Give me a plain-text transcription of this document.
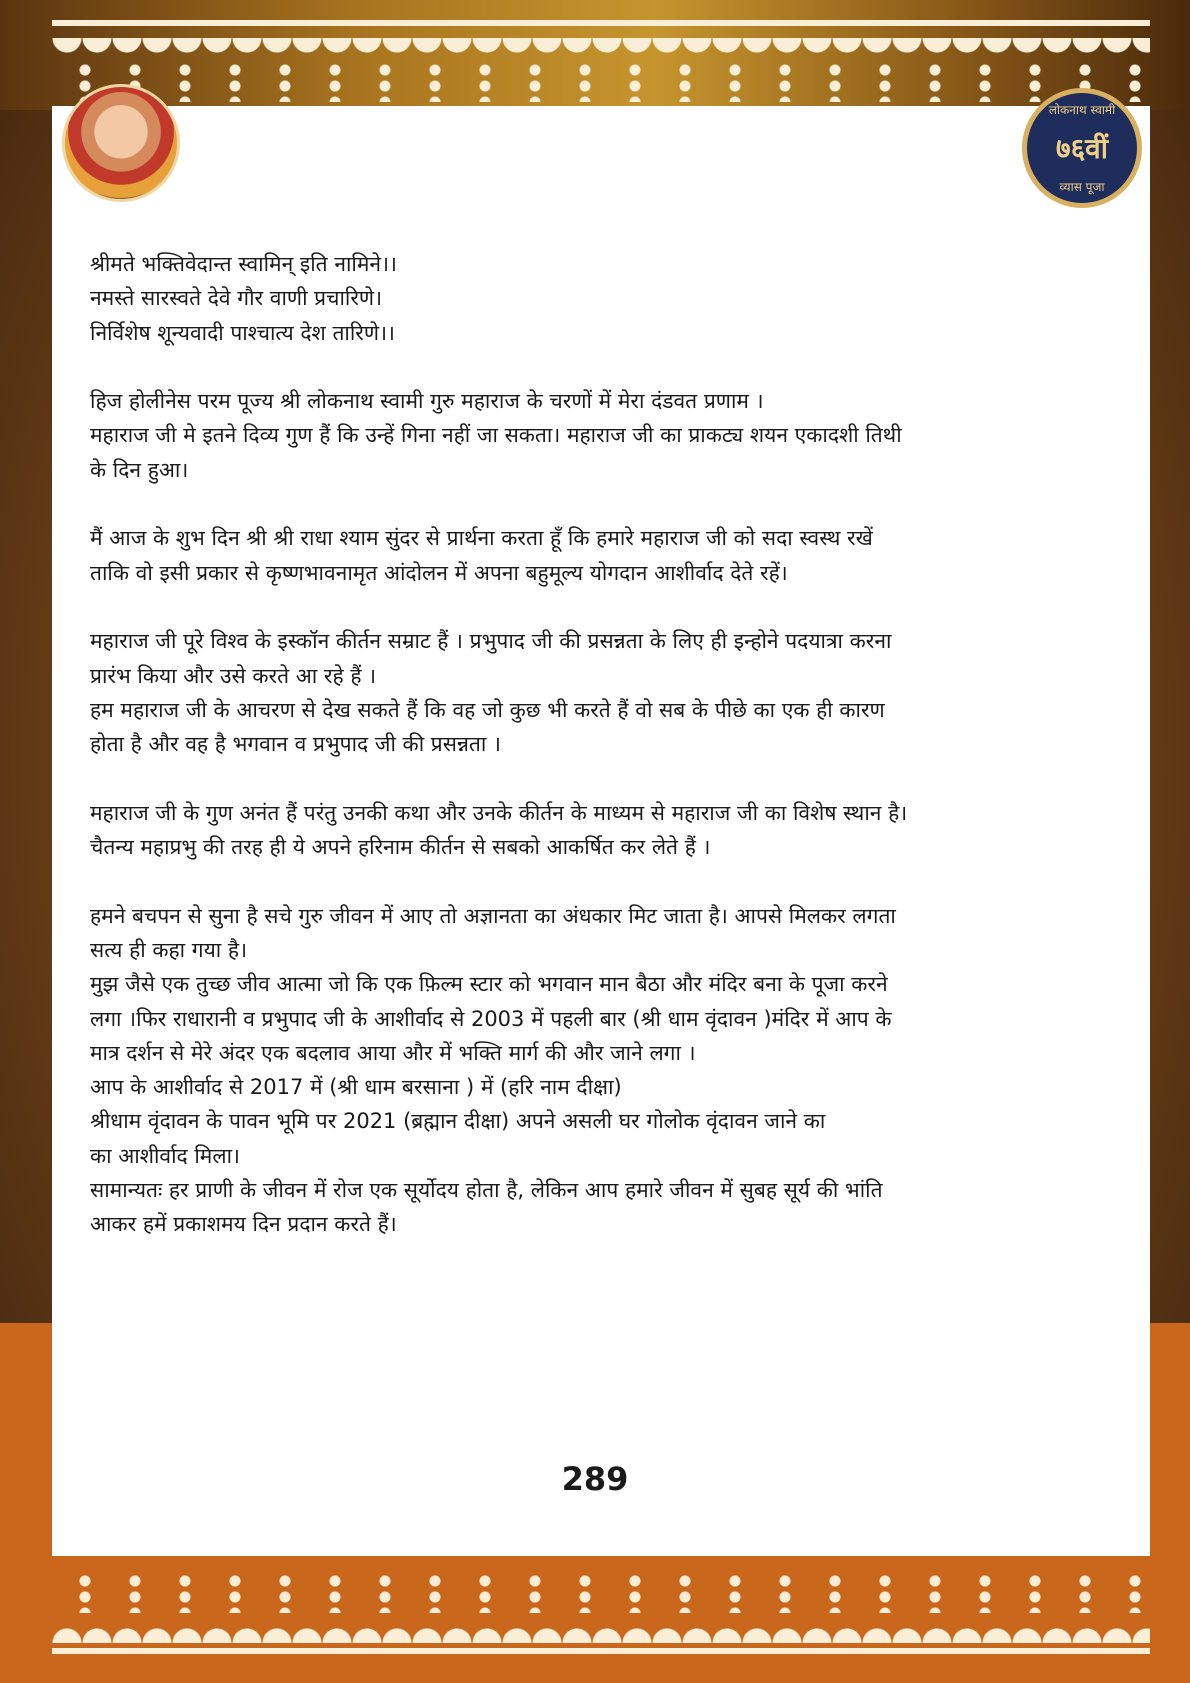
लोकनाथ स्वामी
७६वीं
व्यास पूजा
श्रीमते भक्तिवेदान्त स्वामिन् इति नामिने।।
नमस्ते सारस्वते देवे गौर वाणी प्रचारिणे।
निर्विशेष शून्यवादी पाश्चात्य देश तारिणे।।
हिज होलीनेस परम पूज्य श्री लोकनाथ स्वामी गुरु महाराज के चरणों में मेरा दंडवत प्रणाम ।
महाराज जी मे इतने दिव्य गुण हैं कि उन्हें गिना नहीं जा सकता। महाराज जी का प्राकट्य शयन एकादशी तिथी
के दिन हुआ।
मैं आज के शुभ दिन श्री श्री राधा श्याम सुंदर से प्रार्थना करता हूँ कि हमारे महाराज जी को सदा स्वस्थ रखें
ताकि वो इसी प्रकार से कृष्णभावनामृत आंदोलन में अपना बहुमूल्य योगदान आशीर्वाद देते रहें।
महाराज जी पूरे विश्व के इस्कॉन कीर्तन सम्राट हैं । प्रभुपाद जी की प्रसन्नता के लिए ही इन्होने पदयात्रा करना
प्रारंभ किया और उसे करते आ रहे हैं ।
हम महाराज जी के आचरण से देख सकते हैं कि वह जो कुछ भी करते हैं वो सब के पीछे का एक ही कारण
होता है और वह है भगवान व प्रभुपाद जी की प्रसन्नता ।
महाराज जी के गुण अनंत हैं परंतु उनकी कथा और उनके कीर्तन के माध्यम से महाराज जी का विशेष स्थान है।
चैतन्य महाप्रभु की तरह ही ये अपने हरिनाम कीर्तन से सबको आकर्षित कर लेते हैं ।
हमने बचपन से सुना है सचे गुरु जीवन में आए तो अज्ञानता का अंधकार मिट जाता है। आपसे मिलकर लगता
सत्य ही कहा गया है।
मुझ जैसे एक तुच्छ जीव आत्मा जो कि एक फ़िल्म स्टार को भगवान मान बैठा और मंदिर बना के पूजा करने
लगा ।फिर राधारानी व प्रभुपाद जी के आशीर्वाद से 2003 में पहली बार (श्री धाम वृंदावन )मंदिर में आप के
मात्र दर्शन से मेरे अंदर एक बदलाव आया और में भक्ति मार्ग की और जाने लगा ।
आप के आशीर्वाद से 2017 में (श्री धाम बरसाना ) में (हरि नाम दीक्षा)
श्रीधाम वृंदावन के पावन भूमि पर 2021 (ब्रह्मान दीक्षा) अपने असली घर गोलोक वृंदावन जाने का
का आशीर्वाद मिला।
सामान्यतः हर प्राणी के जीवन में रोज एक सूर्योदय होता है, लेकिन आप हमारे जीवन में सुबह सूर्य की भांति
आकर हमें प्रकाशमय दिन प्रदान करते हैं।
289
